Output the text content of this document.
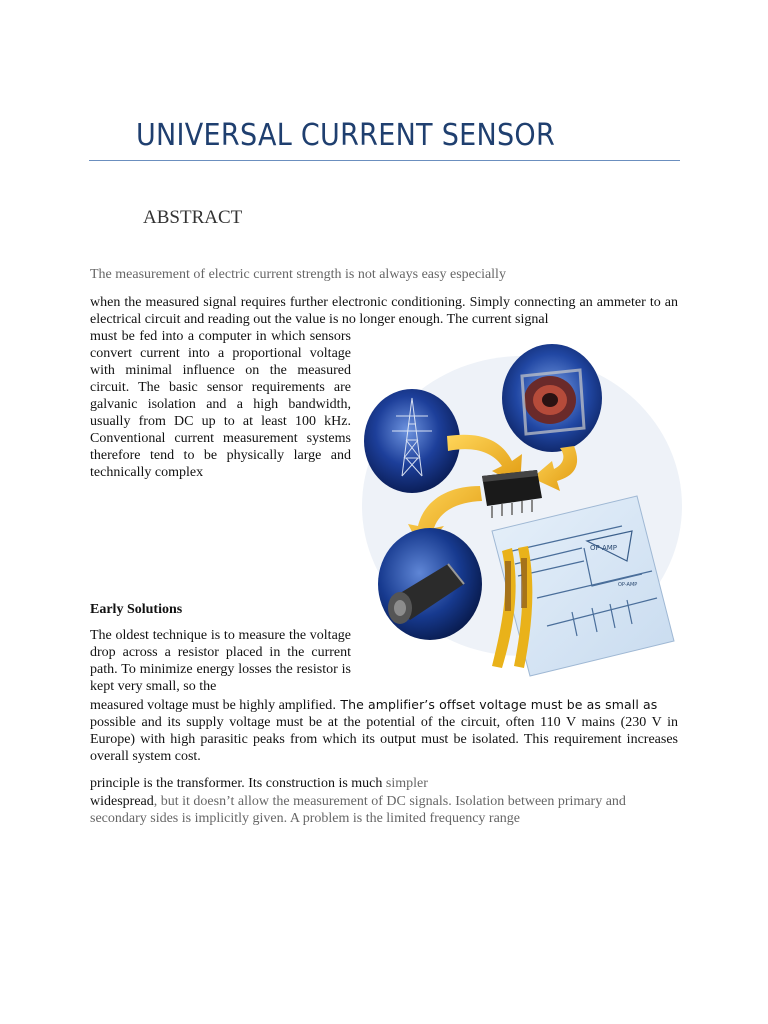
UNIVERSAL CURRENT SENSOR
ABSTRACT

The measurement of electric current strength is not always easy especially

when the measured signal requires further electronic conditioning. Simply connecting an ammeter to an electrical circuit and reading out the value is no longer enough. The current signal

must be fed into a computer in which sensors convert current into a proportional voltage with minimal influence on the measured circuit. The basic sensor requirements are galvanic isolation and a high bandwidth, usually from DC up to at least 100 kHz. Conventional current measurement systems therefore tend to be physically large and technically complex

OP-AMP
OP-AMP

Early Solutions

The oldest technique is to measure the voltage drop across a resistor placed in the current path. To minimize energy losses the resistor is kept very small, so the

measured voltage must be highly amplified. The amplifier’s offset voltage must be as small as

possible and its supply voltage must be at the potential of the circuit, often 110 V mains (230 V in Europe) with high parasitic peaks from which its output must be isolated. This requirement increases overall system cost.

principle is the transformer. Its construction is much simpler

widespread, but it doesn’t allow the measurement of DC signals. Isolation between primary and

secondary sides is implicitly given. A problem is the limited frequency range
